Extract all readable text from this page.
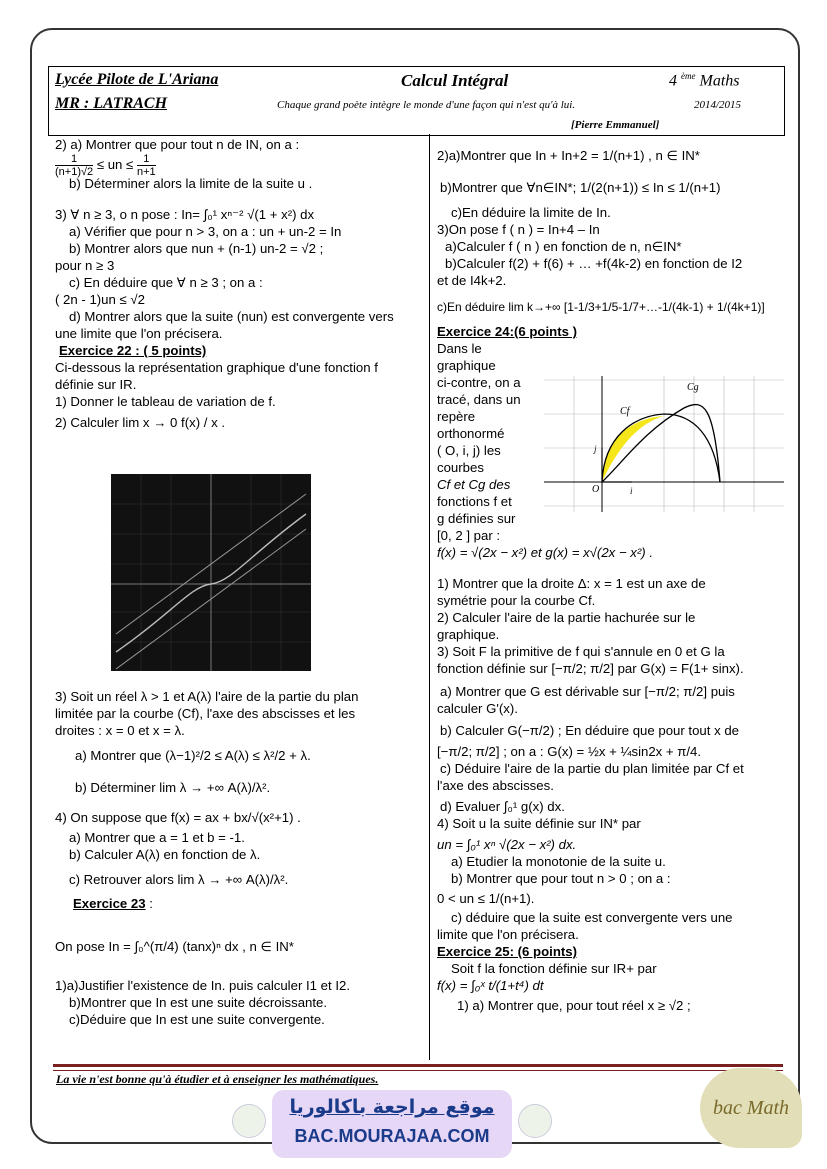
Lycée Pilote de L'Ariana
MR : LATRACH
Calcul Intégral	4 $^{ème}$ Maths
Chaque grand poète intègre le monde d'une façon qui n'est qu'à lui.	2014/2015
[Pierre Emmanuel]

2) a) Montrer que pour tout n de IN, on a :

$\frac{1}{(n+1)√2}$ ≤ un ≤ $\frac{1}{n+1}$

b) Déterminer alors la limite de la suite u .

3) ∀ n ≥ 3, o n pose : In= ∫₀¹ xⁿ⁻² √(1 + x²) dx

a) Vérifier que pour n > 3, on a : un + un-2 = In

b) Montrer alors que nun + (n-1) un-2 = √2 ;

pour n ≥ 3

c) En déduire que ∀ n ≥ 3 ; on a :

( 2n - 1)un ≤ √2

d) Montrer alors que la suite (nun) est convergente vers

une limite que l'on précisera.

Exercice 22 : ( 5 points)

Ci-dessous la représentation graphique d'une fonction f

définie sur IR.

1) Donner le tableau de variation de f.

2) Calculer lim x → 0 f(x) / x .

3) Soit un réel λ > 1 et A(λ) l'aire de la partie du plan

limitée par la courbe (Cf), l'axe des abscisses et les

droites : x = 0 et x = λ.

a) Montrer que (λ−1)²/2 ≤ A(λ) ≤ λ²/2 + λ.

b) Déterminer lim λ → +∞ A(λ)/λ².

4) On suppose que f(x) = ax + bx/√(x²+1) .

a) Montrer que a = 1 et b = -1.

b) Calculer A(λ) en fonction de λ.

c) Retrouver alors lim λ → +∞ A(λ)/λ².

Exercice 23 :

On pose In = ∫₀^(π/4) (tanx)ⁿ dx , n ∈ IN*

1)a)Justifier l'existence de In. puis calculer I1 et I2.

b)Montrer que In est une suite décroissante.

c)Déduire que In est une suite convergente.

2)a)Montrer que In + In+2 = 1/(n+1) , n ∈ IN*

b)Montrer que ∀n∈IN*; 1/(2(n+1)) ≤ In ≤ 1/(n+1)

c)En déduire la limite de In.

3)On pose f ( n ) = In+4 – In

a)Calculer f ( n ) en fonction de n, n∈IN*

b)Calculer f(2) + f(6) + … +f(4k-2) en fonction de I2

et de I4k+2.

c)En déduire lim k→+∞ [1-1/3+1/5-1/7+…-1/(4k-1) + 1/(4k+1)]

Exercice 24:(6 points )

Dans le

graphique

ci-contre, on a

tracé, dans un

repère

orthonormé

( O, i, j) les

courbes

Cf et Cg des

fonctions f et

g définies sur

[0, 2 ] par :

f(x) = √(2x − x²) et g(x) = x√(2x − x²) .

1) Montrer que la droite Δ: x = 1 est un axe de

symétrie pour la courbe Cf.

2) Calculer l'aire de la partie hachurée sur le

graphique.

3) Soit F la primitive de f qui s'annule en 0 et G la

fonction définie sur [−π/2; π/2] par G(x) = F(1+ sinx).

a) Montrer que G est dérivable sur [−π/2; π/2] puis

calculer G'(x).

b) Calculer G(−π/2) ; En déduire que pour tout x de

[−π/2; π/2] ; on a : G(x) = ½x + ¼sin2x + π/4.

c) Déduire l'aire de la partie du plan limitée par Cf et

l'axe des abscisses.

d) Evaluer ∫₀¹ g(x) dx.

4) Soit u la suite définie sur IN* par

un = ∫₀¹ xⁿ √(2x − x²) dx.

a) Etudier la monotonie de la suite u.

b) Montrer que pour tout n > 0 ; on a :

0 < un ≤ 1/(n+1).

c) déduire que la suite est convergente vers une

limite que l'on précisera.

Exercice 25: (6 points)

Soit f la fonction définie sur IR+ par

f(x) = ∫₀ˣ t/(1+t⁴) dt

1) a) Montrer que, pour tout réel x ≥ √2 ;

Cg
Cf
j
i
O
La vie n'est bonne qu'à étudier et à enseigner les mathématiques.
موقع مراجعة باكالوريا
BAC.MOURAJAA.COM
bac Math
